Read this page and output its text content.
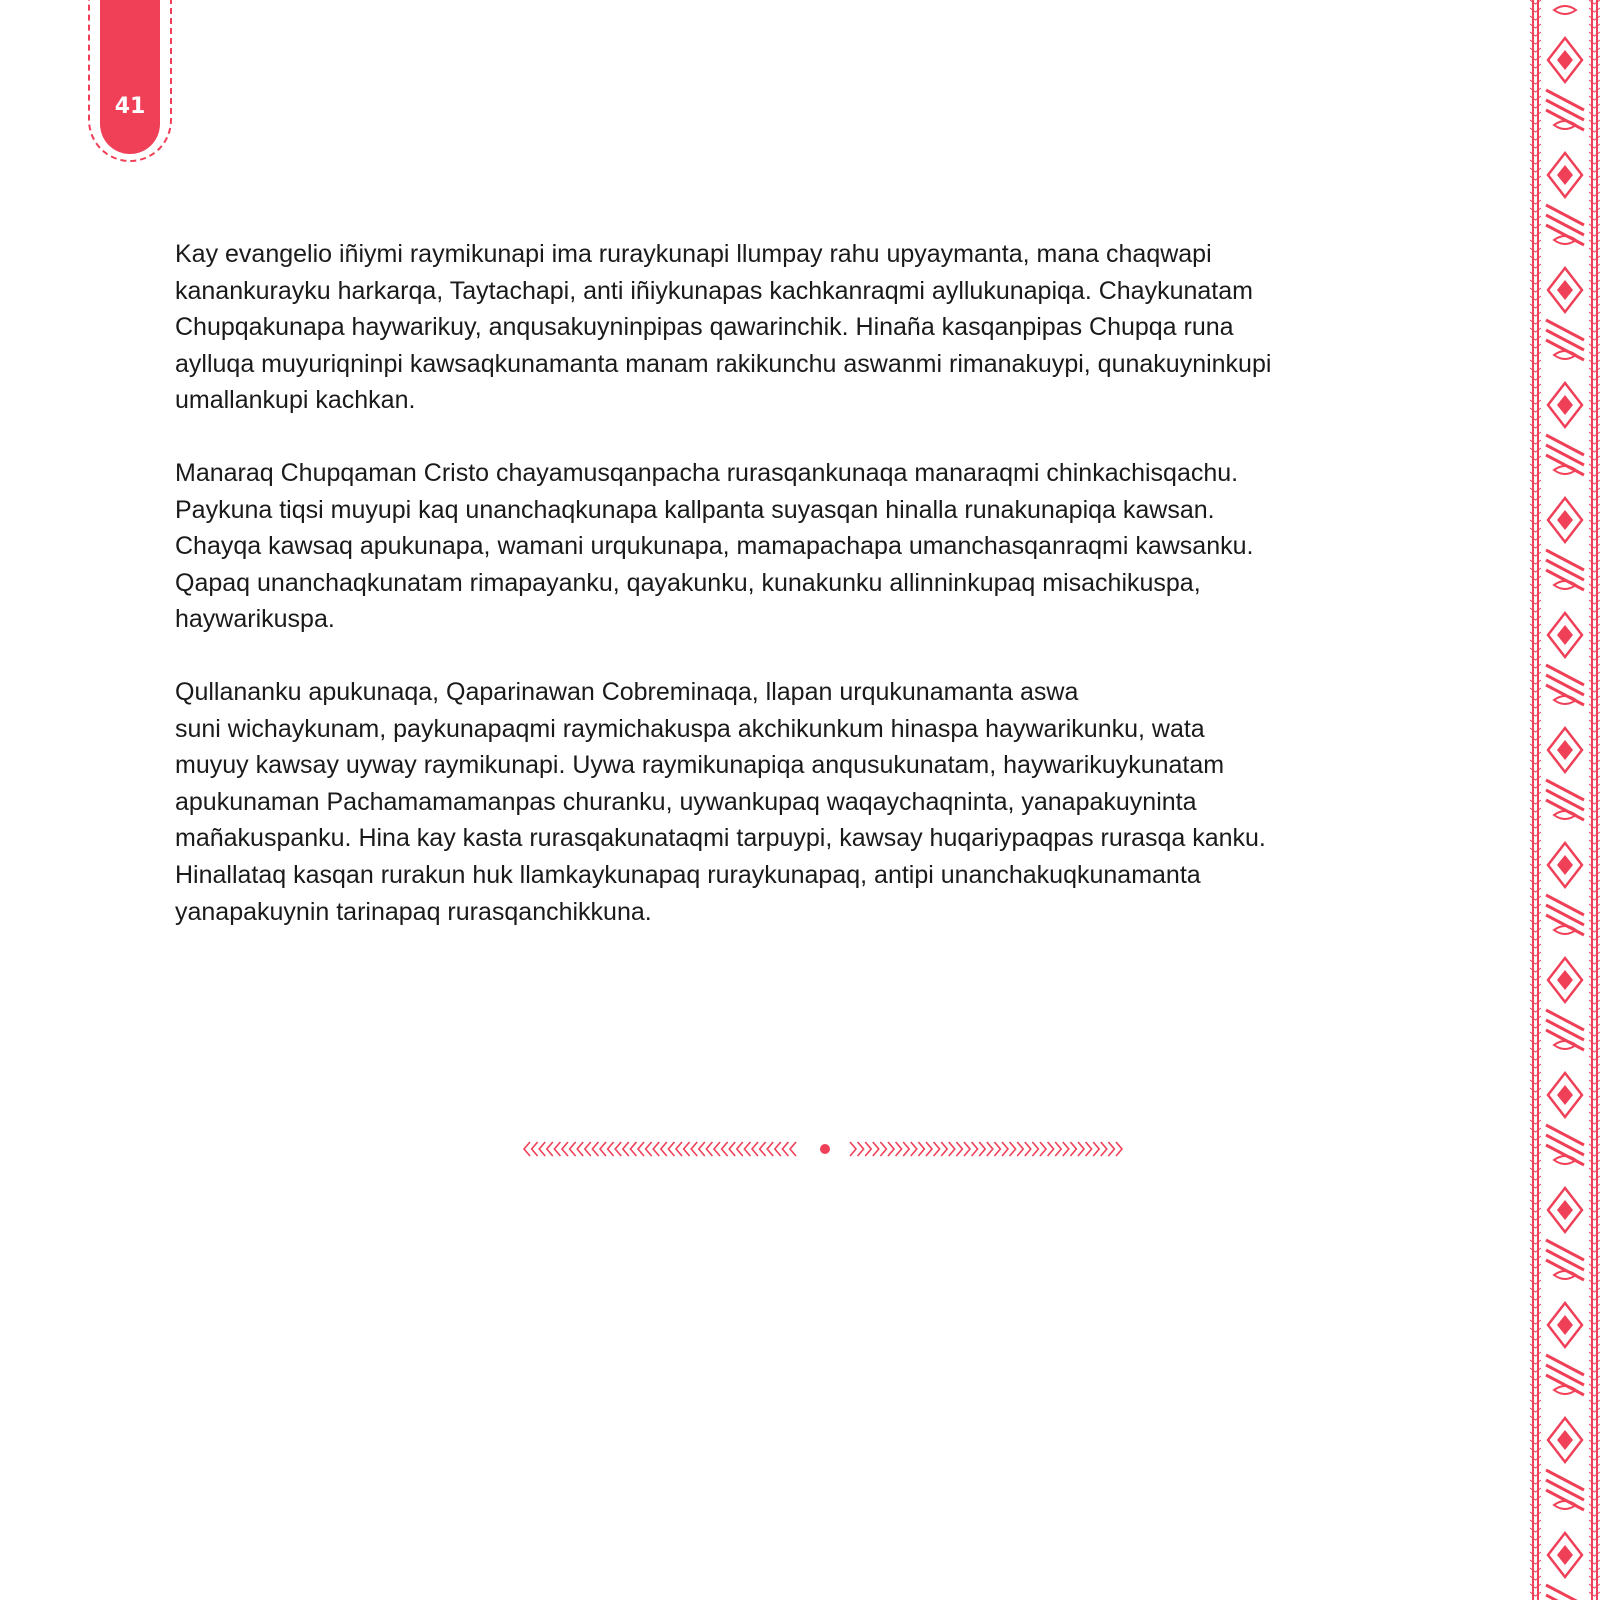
41
Kay evangelio iñiymi raymikunapi ima ruraykunapi llumpay rahu upyaymanta, mana chaqwapi
kanankurayku harkarqa, Taytachapi, anti iñiykunapas kachkanraqmi ayllukunapiqa. Chaykunatam
Chupqakunapa haywarikuy, anqusakuyninpipas qawarinchik. Hinaña kasqanpipas Chupqa runa
aylluqa muyuriqninpi kawsaqkunamanta manam rakikunchu aswanmi rimanakuypi, qunakuyninkupi
umallankupi kachkan.
Manaraq Chupqaman Cristo chayamusqanpacha rurasqankunaqa manaraqmi chinkachisqachu.
Paykuna tiqsi muyupi kaq unanchaqkunapa kallpanta suyasqan hinalla runakunapiqa kawsan.
Chayqa kawsaq apukunapa, wamani urqukunapa, mamapachapa umanchasqanraqmi kawsanku.
Qapaq unanchaqkunatam rimapayanku, qayakunku, kunakunku allinninkupaq misachikuspa,
haywarikuspa.
Qullananku apukunaqa, Qaparinawan Cobreminaqa, llapan urqukunamanta aswa
suni wichaykunam, paykunapaqmi raymichakuspa akchikunkum hinaspa haywarikunku, wata
muyuy kawsay uyway raymikunapi. Uywa raymikunapiqa anqusukunatam, haywarikuykunatam
apukunaman Pachamamamanpas churanku, uywankupaq waqaychaqninta, yanapakuyninta
mañakuspanku. Hina kay kasta rurasqakunataqmi tarpuypi, kawsay huqariypaqpas rurasqa kanku.
Hinallataq kasqan rurakun huk llamkaykunapaq ruraykunapaq, antipi unanchakuqkunamanta
yanapakuynin tarinapaq rurasqanchikkuna.
